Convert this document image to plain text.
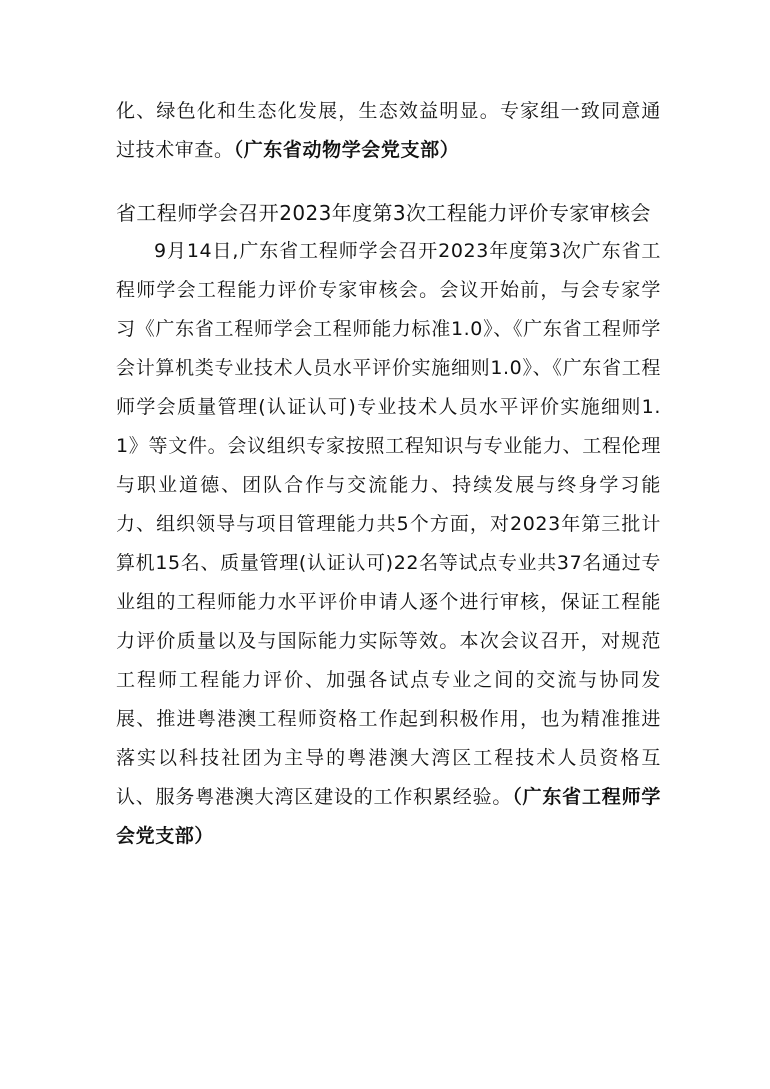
化、绿色化和生态化发展，生态效益明显。专家组一致同意通过技术审查。（广东省动物学会党支部）

省工程师学会召开2023年度第3次工程能力评价专家审核会

9月14日,广东省工程师学会召开2023年度第3次广东省工程师学会工程能力评价专家审核会。会议开始前，与会专家学习《广东省工程师学会工程师能力标准1.0》、《广东省工程师学会计算机类专业技术人员水平评价实施细则1.0》、《广东省工程师学会质量管理(认证认可)专业技术人员水平评价实施细则1.1》等文件。会议组织专家按照工程知识与专业能力、工程伦理与职业道德、团队合作与交流能力、持续发展与终身学习能力、组织领导与项目管理能力共5个方面，对2023年第三批计算机15名、质量管理(认证认可)22名等试点专业共37名通过专业组的工程师能力水平评价申请人逐个进行审核，保证工程能力评价质量以及与国际能力实际等效。本次会议召开，对规范工程师工程能力评价、加强各试点专业之间的交流与协同发展、推进粤港澳工程师资格工作起到积极作用，也为精准推进落实以科技社团为主导的粤港澳大湾区工程技术人员资格互认、服务粤港澳大湾区建设的工作积累经验。（广东省工程师学会党支部）
